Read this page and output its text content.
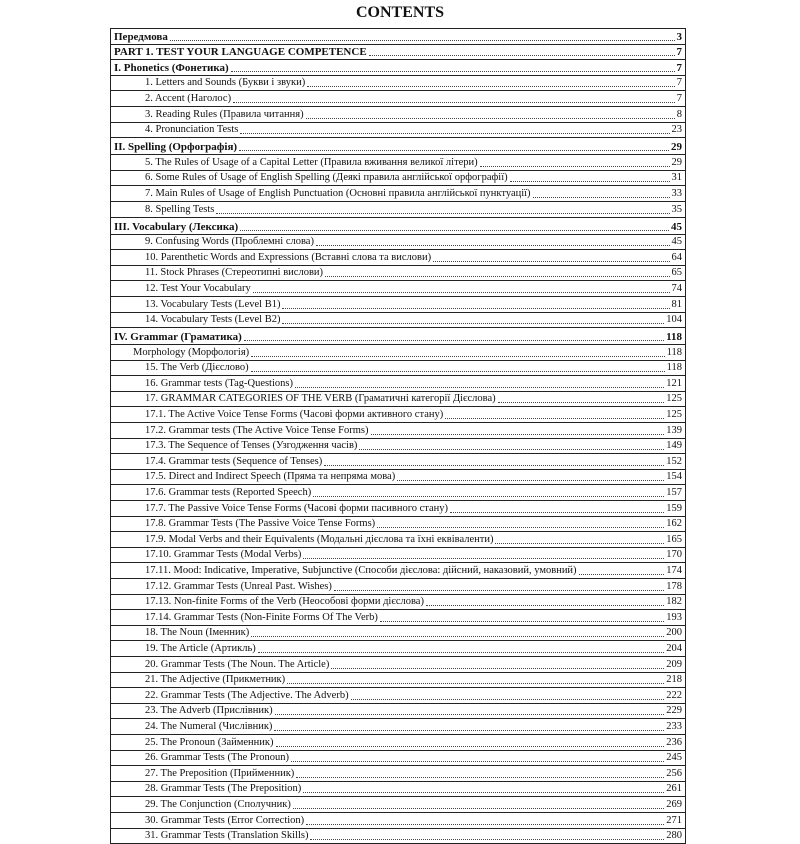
CONTENTS
Передмова	3
PART 1. TEST YOUR LANGUAGE COMPETENCE	7
I. Phonetics (Фонетика)	7
1. Letters and Sounds (Букви і звуки)	7
2. Accent (Наголос)	7
3. Reading Rules (Правила читання)	8
4. Pronunciation Tests	23
II. Spelling (Орфографія)	29
5. The Rules of Usage of a Capital Letter (Правила вживання великої літери)	29
6. Some Rules of Usage of English Spelling (Деякі правила англійської орфографії)	31
7. Main Rules of Usage of English Punctuation (Основні правила англійської пунктуації)	33
8. Spelling Tests	35
III. Vocabulary (Лексика)	45
9. Confusing Words (Проблемні слова)	45
10. Parenthetic Words and Expressions (Вставні слова та вислови)	64
11. Stock Phrases (Стереотипні вислови)	65
12. Test Your Vocabulary	74
13. Vocabulary Tests (Level B1)	81
14. Vocabulary Tests (Level B2)	104
IV. Grammar (Граматика)	118
Morphology (Морфологія)	118
15. The Verb (Дієслово)	118
16. Grammar tests (Tag-Questions)	121
17. GRAMMAR CATEGORIES OF THE VERB (Граматичні категорії Дієслова)	125
17.1. The Active Voice Tense Forms (Часові форми активного стану)	125
17.2. Grammar tests (The Active Voice Tense Forms)	139
17.3. The Sequence of Tenses (Узгодження часів)	149
17.4. Grammar tests (Sequence of Tenses)	152
17.5. Direct and Indirect Speech (Пряма та непряма мова)	154
17.6. Grammar tests (Reported Speech)	157
17.7. The Passive Voice Tense Forms (Часові форми пасивного стану)	159
17.8. Grammar Tests (The Passive Voice Tense Forms)	162
17.9. Modal Verbs and their Equivalents (Модальні дієслова та їхні еквіваленти)	165
17.10. Grammar Tests (Modal Verbs)	170
17.11. Mood: Indicative, Imperative, Subjunctive (Способи дієслова: дійсний, наказовий, умовний)	174
17.12. Grammar Tests (Unreal Past. Wishes)	178
17.13. Non-finite Forms of the Verb (Неособові форми дієслова)	182
17.14. Grammar Tests (Non-Finite Forms Of The Verb)	193
18. The Noun (Іменник)	200
19. The Article (Артикль)	204
20. Grammar Tests (The Noun. The Article)	209
21. The Adjective (Прикметник)	218
22. Grammar Tests (The Adjective. The Adverb)	222
23. The Adverb (Прислівник)	229
24. The Numeral (Числівник)	233
25. The Pronoun (Займенник)	236
26. Grammar Tests (The Pronoun)	245
27. The Preposition (Прийменник)	256
28. Grammar Tests (The Preposition)	261
29. The Conjunction (Сполучник)	269
30. Grammar Tests (Error Correction)	271
31. Grammar Tests (Translation Skills)	280
